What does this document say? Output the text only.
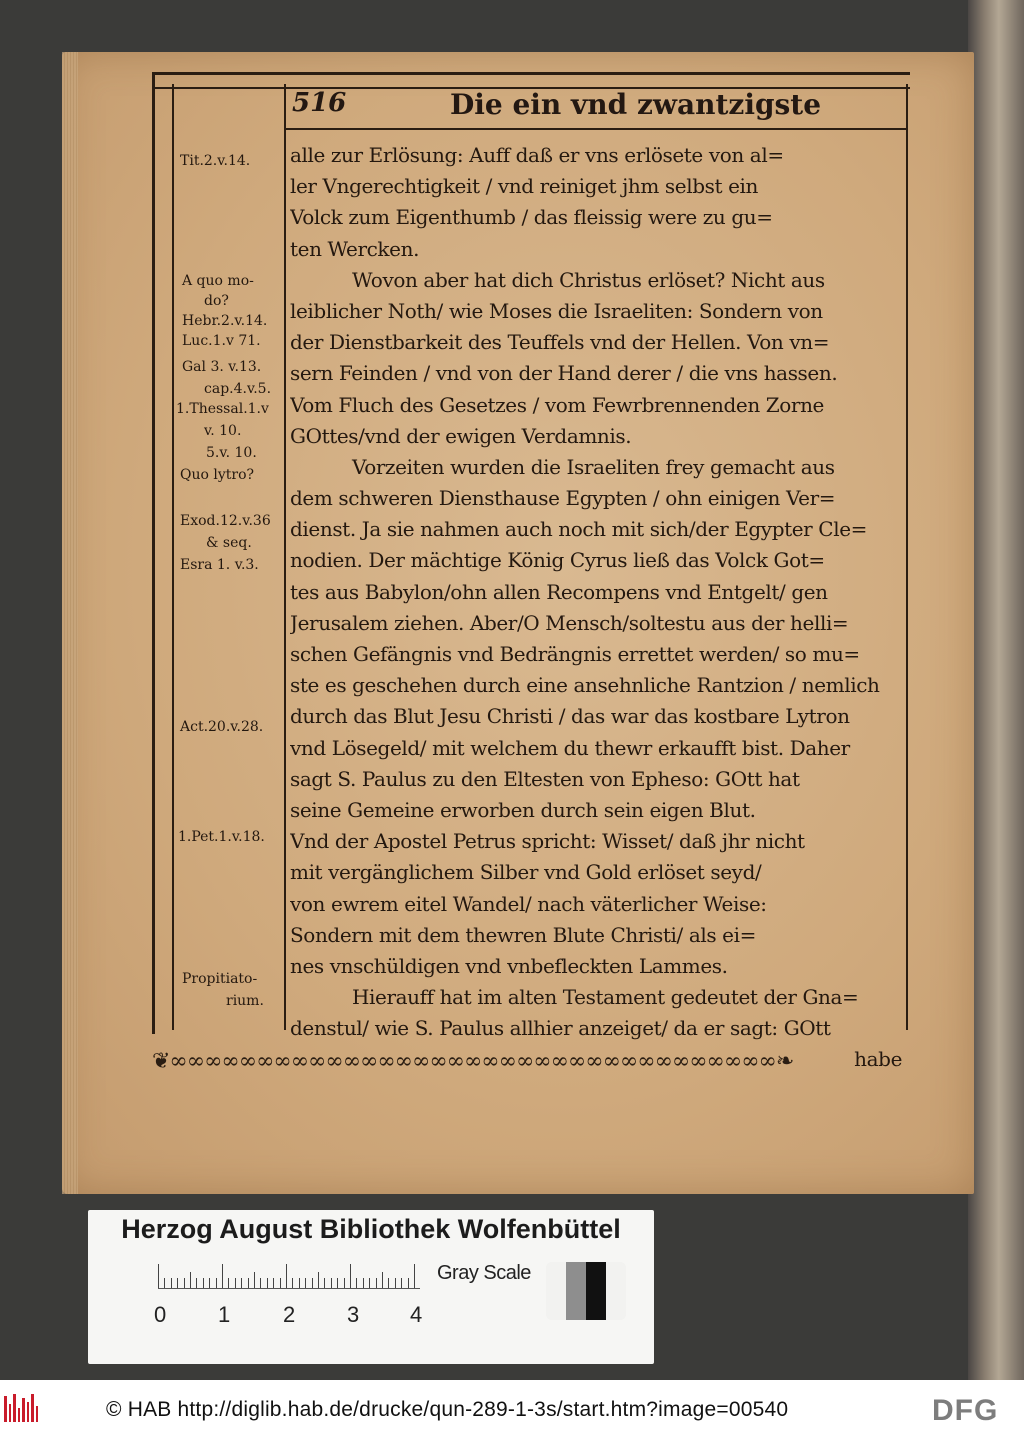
516	Die ein vnd zwantzigste
alle zur Erlösung: Auff daß er vns erlösete von al=
ler Vngerechtigkeit / vnd reiniget jhm selbst ein
Volck zum Eigenthumb / das fleissig were zu gu=
ten Wercken.
Wovon aber hat dich Christus erlöset? Nicht aus
leiblicher Noth/ wie Moses die Israeliten: Sondern von
der Dienstbarkeit des Teuffels vnd der Hellen. Von vn=
sern Feinden / vnd von der Hand derer / die vns hassen.
Vom Fluch des Gesetzes / vom Fewrbrennenden Zorne
GOttes/vnd der ewigen Verdamnis.
Vorzeiten wurden die Israeliten frey gemacht aus
dem schweren Diensthause Egypten / ohn einigen Ver=
dienst. Ja sie nahmen auch noch mit sich/der Egypter Cle=
nodien. Der mächtige König Cyrus ließ das Volck Got=
tes aus Babylon/ohn allen Recompens vnd Entgelt/ gen
Jerusalem ziehen. Aber/O Mensch/soltestu aus der helli=
schen Gefängnis vnd Bedrängnis errettet werden/ so mu=
ste es geschehen durch eine ansehnliche Rantzion / nemlich
durch das Blut Jesu Christi / das war das kostbare Lytron
vnd Lösegeld/ mit welchem du thewr erkaufft bist. Daher
sagt S. Paulus zu den Eltesten von Epheso: GOtt hat
seine Gemeine erworben durch sein eigen Blut.
Vnd der Apostel Petrus spricht: Wisset/ daß jhr nicht
mit vergänglichem Silber vnd Gold erlöset seyd/
von ewrem eitel Wandel/ nach väterlicher Weise:
Sondern mit dem thewren Blute Christi/ als ei=
nes vnschüldigen vnd vnbefleckten Lammes.
Hierauff hat im alten Testament gedeutet der Gna=
denstul/ wie S. Paulus allhier anzeiget/ da er sagt: GOtt
habe
Tit.2.v.14.
A quo mo-
do?
Hebr.2.v.14.
Luc.1.v 71.
Gal 3. v.13.
cap.4.v.5.
1.Thessal.1.v
v. 10.
5.v. 10.
Quo lytro?
Exod.12.v.36
& seq.
Esra 1. v.3.
Act.20.v.28.
1.Pet.1.v.18.
Propitiato-
rium.
❦∞∞∞∞∞∞∞∞∞∞∞∞∞∞∞∞∞∞∞∞∞∞∞∞∞∞∞∞∞∞∞∞∞∞∞❧
Herzog August Bibliothek Wolfenbüttel
0 1 2 3 4
Gray Scale
© HAB http://diglib.hab.de/drucke/qun-289-1-3s/start.htm?image=00540	DFG
